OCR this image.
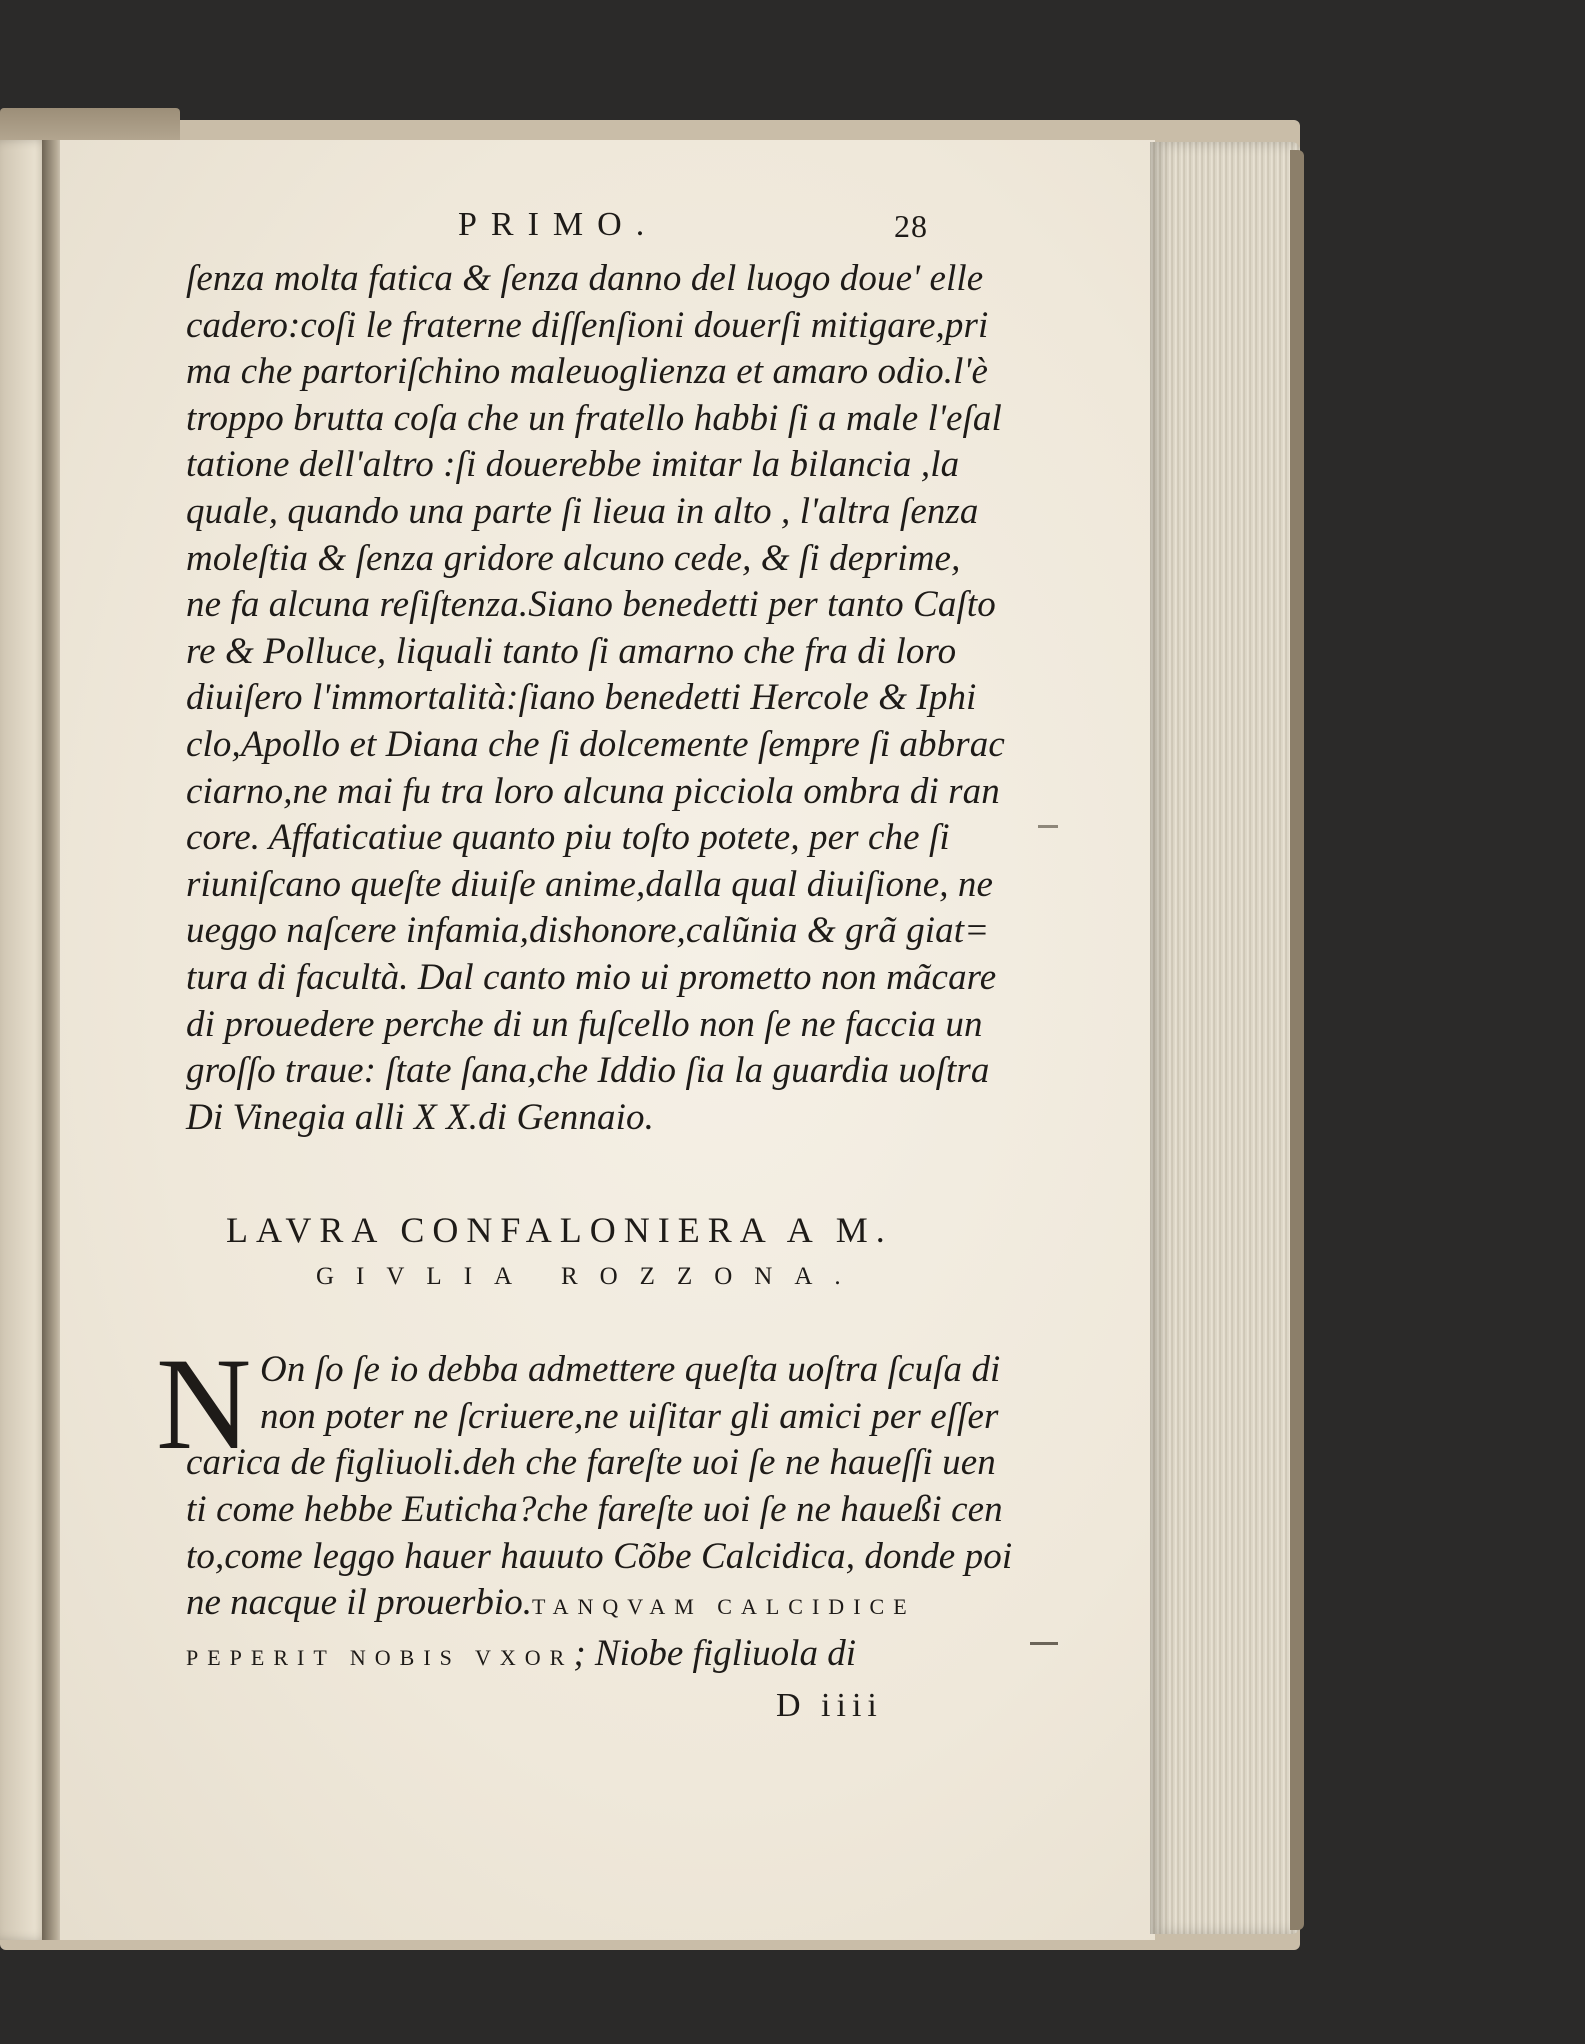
PRIMO.	28
ſenza molta fatica & ſenza danno del luogo doue' elle
cadero:coſi le fraterne diſſenſioni douerſi mitigare,pri
ma che partoriſchino maleuoglienza et amaro odio.l'è
troppo brutta coſa che un fratello habbi ſi a male l'eſal
tatione dell'altro :ſi douerebbe imitar la bilancia ,la
quale, quando una parte ſi lieua in alto , l'altra ſenza
moleſtia & ſenza gridore alcuno cede, & ſi deprime,
ne fa alcuna reſiſtenza.Siano benedetti per tanto Caſto
re & Polluce, liquali tanto ſi amarno che fra di loro
diuiſero l'immortalità:ſiano benedetti Hercole & Iphi
clo,Apollo et Diana che ſi dolcemente ſempre ſi abbrac
ciarno,ne mai fu tra loro alcuna picciola ombra di ran
core. Affaticatiue quanto piu toſto potete, per che ſi
riuniſcano queſte diuiſe anime,dalla qual diuiſione, ne
ueggo naſcere infamia,dishonore,calũnia & grã giat=
tura di facultà. Dal canto mio ui prometto non mãcare
di prouedere perche di un fuſcello non ſe ne faccia un
groſſo traue: ſtate ſana,che Iddio ſia la guardia uoſtra
Di Vinegia alli X X.di Gennaio.
LAVRA CONFALONIERA A M.
GIVLIA ROZZONA.
N On ſo ſe io debba admettere queſta uoſtra ſcuſa di
non poter ne ſcriuere,ne uiſitar gli amici per eſſer
carica de figliuoli.deh che fareſte uoi ſe ne haueſſi uen
ti come hebbe Euticha?che fareſte uoi ſe ne haueßi cen
to,come leggo hauer hauuto Cõbe Calcidica, donde poi
ne nacque il prouerbio.TANQVAM CALCIDICE
PEPERIT NOBIS VXOR; Niobe figliuola di
D iiii
